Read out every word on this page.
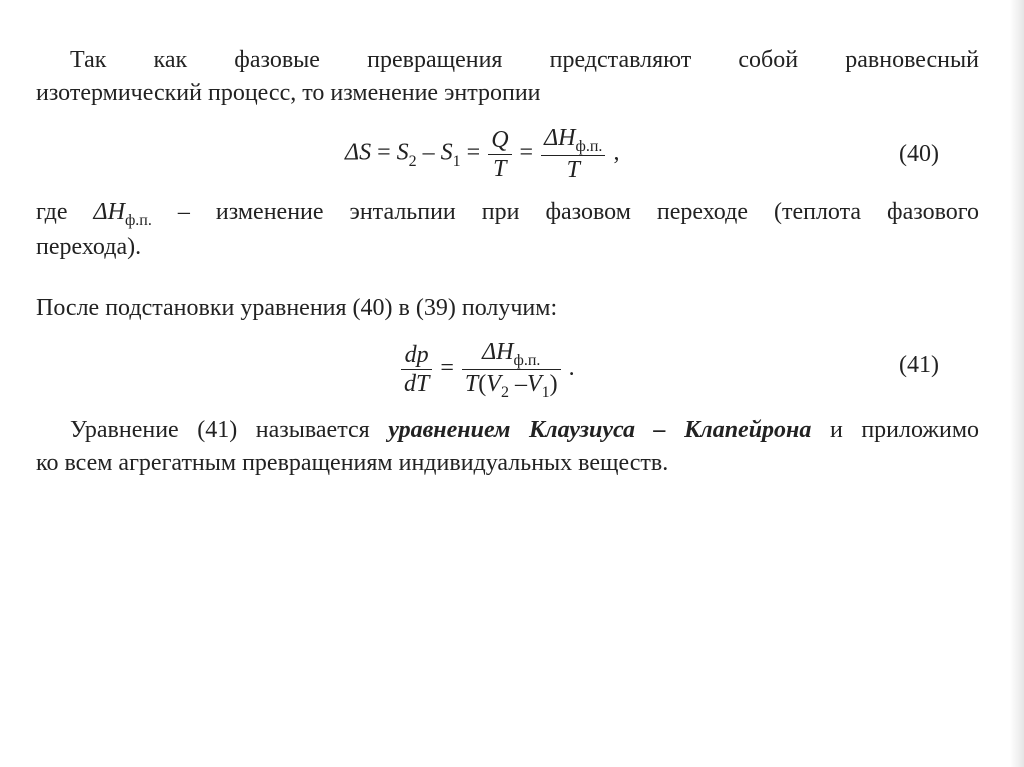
Так как фазовые превращения представляют собой равновесный
изотермический процесс, то изменение энтропии
$\Delta S = S_2 - S_1 = \frac{Q}{T} = \frac{\Delta H_{ф.п.}}{T}$ ,	(40)
где $\Delta H_{ф.п.}$ – изменение энтальпии при фазовом переходе (теплота фазового
перехода).
После подстановки уравнения (40) в (39) получим:
$\frac{dp}{dT} = \frac{\Delta H_{ф.п.}}{T(V_2 -V_1)}$ .	(41)
Уравнение (41) называется уравнением Клаузиуса – Клапейрона и приложимо
ко всем агрегатным превращениям индивидуальных веществ.
